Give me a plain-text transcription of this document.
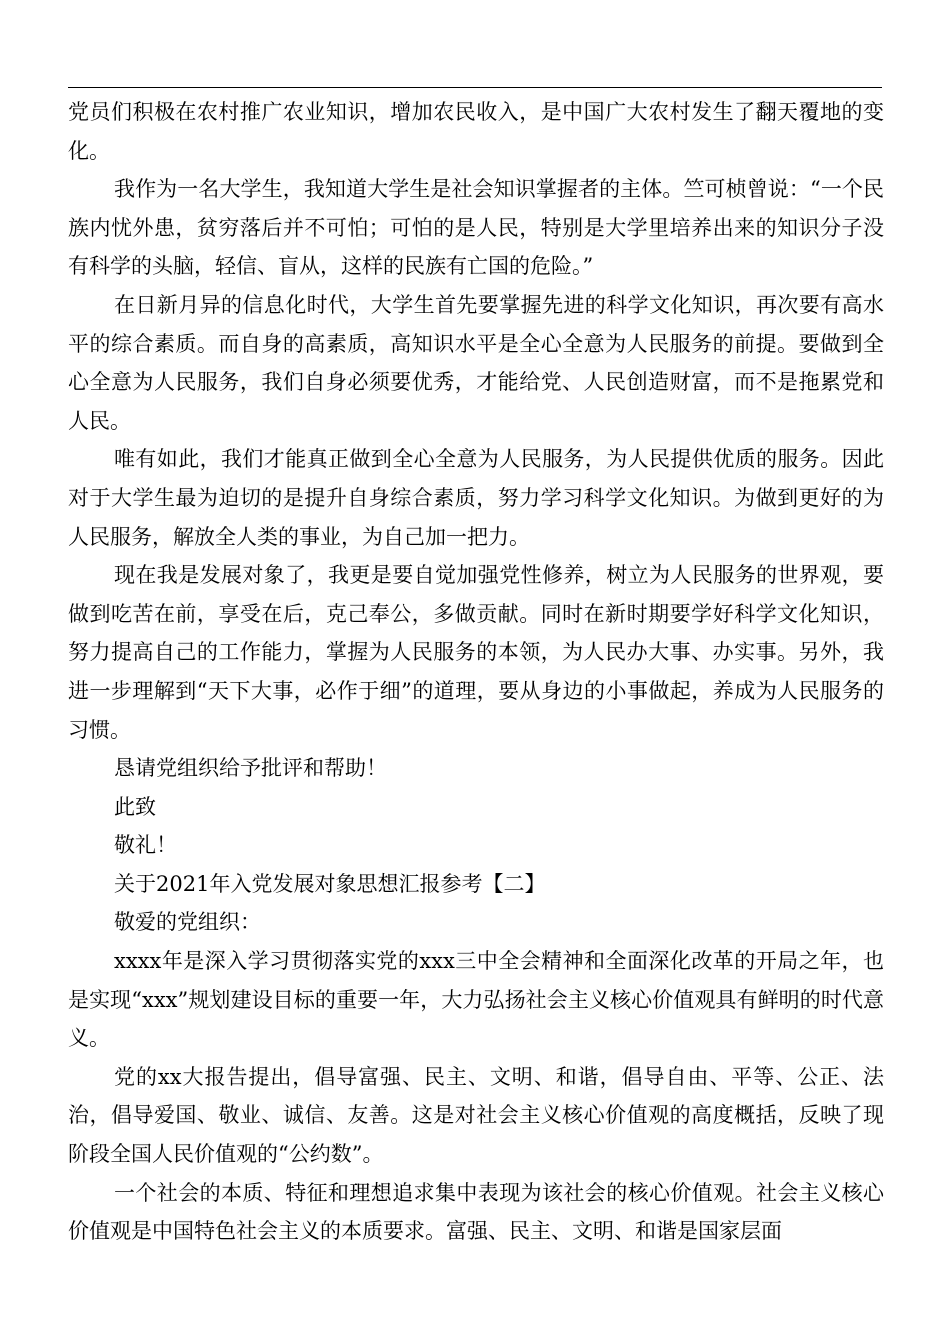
党员们积极在农村推广农业知识，增加农民收入，是中国广大农村发生了翻天覆地的变化。

我作为一名大学生，我知道大学生是社会知识掌握者的主体。竺可桢曾说：“一个民族内忧外患，贫穷落后并不可怕；可怕的是人民，特别是大学里培养出来的知识分子没有科学的头脑，轻信、盲从，这样的民族有亡国的危险。”

在日新月异的信息化时代，大学生首先要掌握先进的科学文化知识，再次要有高水平的综合素质。而自身的高素质，高知识水平是全心全意为人民服务的前提。要做到全心全意为人民服务，我们自身必须要优秀，才能给党、人民创造财富，而不是拖累党和人民。

唯有如此，我们才能真正做到全心全意为人民服务，为人民提供优质的服务。因此对于大学生最为迫切的是提升自身综合素质，努力学习科学文化知识。为做到更好的为人民服务，解放全人类的事业，为自己加一把力。

现在我是发展对象了，我更是要自觉加强党性修养，树立为人民服务的世界观，要做到吃苦在前，享受在后，克己奉公，多做贡献。同时在新时期要学好科学文化知识，努力提高自己的工作能力，掌握为人民服务的本领，为人民办大事、办实事。另外，我进一步理解到“天下大事，必作于细”的道理，要从身边的小事做起，养成为人民服务的习惯。

恳请党组织给予批评和帮助！

此致

敬礼！

关于2021年入党发展对象思想汇报参考【二】

敬爱的党组织：

xxxx年是深入学习贯彻落实党的xxx三中全会精神和全面深化改革的开局之年，也是实现“xxx”规划建设目标的重要一年，大力弘扬社会主义核心价值观具有鲜明的时代意义。

党的xx大报告提出，倡导富强、民主、文明、和谐，倡导自由、平等、公正、法治，倡导爱国、敬业、诚信、友善。这是对社会主义核心价值观的高度概括，反映了现阶段全国人民价值观的“公约数”。

一个社会的本质、特征和理想追求集中表现为该社会的核心价值观。社会主义核心价值观是中国特色社会主义的本质要求。富强、民主、文明、和谐是国家层面
